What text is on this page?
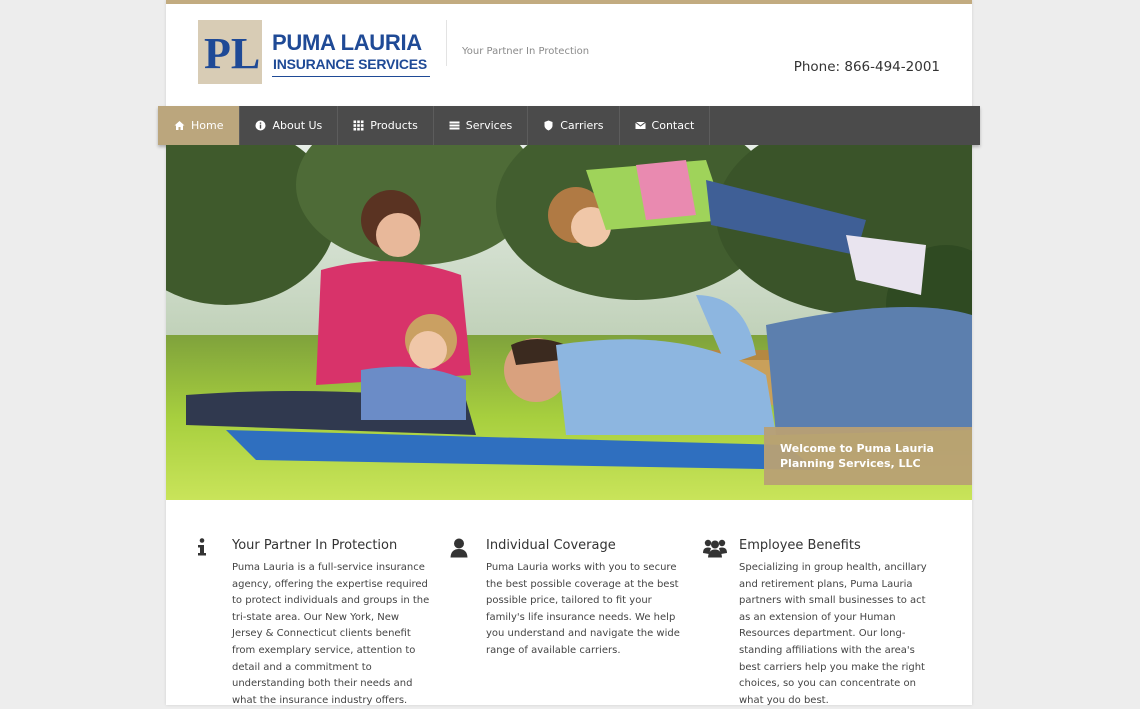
PL PUMA LAURIA
INSURANCE SERVICES
Your Partner In Protection
Phone: 866-494-2001
Home	About Us	Products	Services	Carriers	Contact
Welcome to Puma Lauria Planning Services, LLC
Your Partner In Protection

Puma Lauria is a full-service insurance agency, offering the expertise required to protect individuals and groups in the tri-state area. Our New York, New Jersey & Connecticut clients benefit from exemplary service, attention to detail and a commitment to understanding both their needs and what the insurance industry offers.

Individual Coverage

Puma Lauria works with you to secure the best possible coverage at the best possible price, tailored to fit your family's life insurance needs. We help you understand and navigate the wide range of available carriers.

Employee Benefits

Specializing in group health, ancillary and retirement plans, Puma Lauria partners with small businesses to act as an extension of your Human Resources department. Our long-standing affiliations with the area's best carriers help you make the right choices, so you can concentrate on what you do best.
